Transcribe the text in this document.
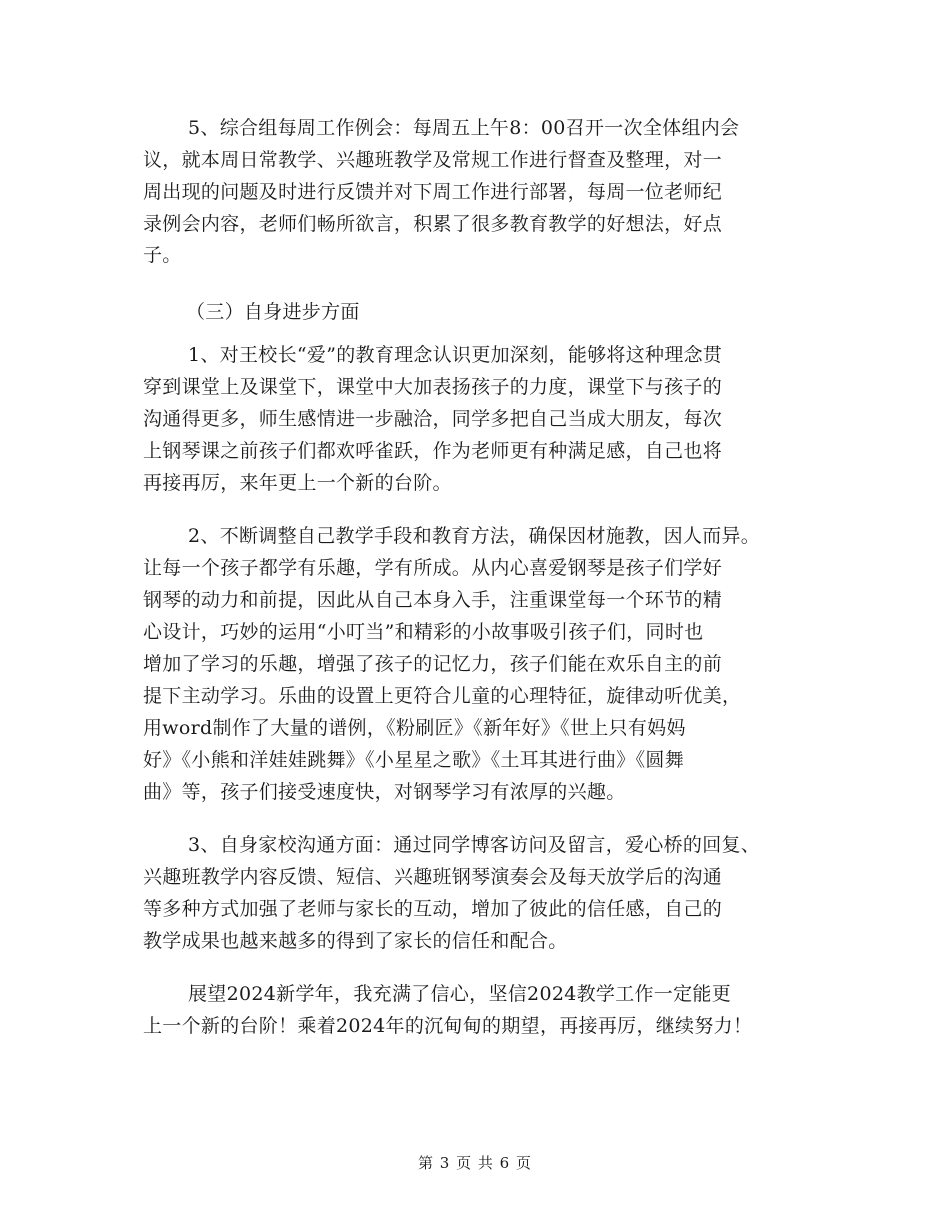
5、综合组每周工作例会：每周五上午8：00召开一次全体组内会
议，就本周日常教学、兴趣班教学及常规工作进行督查及整理，对一
周出现的问题及时进行反馈并对下周工作进行部署，每周一位老师纪
录例会内容，老师们畅所欲言，积累了很多教育教学的好想法，好点
子。
（三）自身进步方面
1、对王校长“爱”的教育理念认识更加深刻，能够将这种理念贯
穿到课堂上及课堂下，课堂中大加表扬孩子的力度，课堂下与孩子的
沟通得更多，师生感情进一步融洽，同学多把自己当成大朋友，每次
上钢琴课之前孩子们都欢呼雀跃，作为老师更有种满足感，自己也将
再接再厉，来年更上一个新的台阶。
2、不断调整自己教学手段和教育方法，确保因材施教，因人而异。
让每一个孩子都学有乐趣，学有所成。从内心喜爱钢琴是孩子们学好
钢琴的动力和前提，因此从自己本身入手，注重课堂每一个环节的精
心设计，巧妙的运用“小叮当”和精彩的小故事吸引孩子们，同时也
增加了学习的乐趣，增强了孩子的记忆力，孩子们能在欢乐自主的前
提下主动学习。乐曲的设置上更符合儿童的心理特征，旋律动听优美，
用word制作了大量的谱例，《粉刷匠》《新年好》《世上只有妈妈
好》《小熊和洋娃娃跳舞》《小星星之歌》《土耳其进行曲》《圆舞
曲》等，孩子们接受速度快，对钢琴学习有浓厚的兴趣。
3、自身家校沟通方面：通过同学博客访问及留言，爱心桥的回复、
兴趣班教学内容反馈、短信、兴趣班钢琴演奏会及每天放学后的沟通
等多种方式加强了老师与家长的互动，增加了彼此的信任感，自己的
教学成果也越来越多的得到了家长的信任和配合。
展望2024新学年，我充满了信心，坚信2024教学工作一定能更
上一个新的台阶！乘着2024年的沉甸甸的期望，再接再厉，继续努力！
第 3 页 共 6 页
